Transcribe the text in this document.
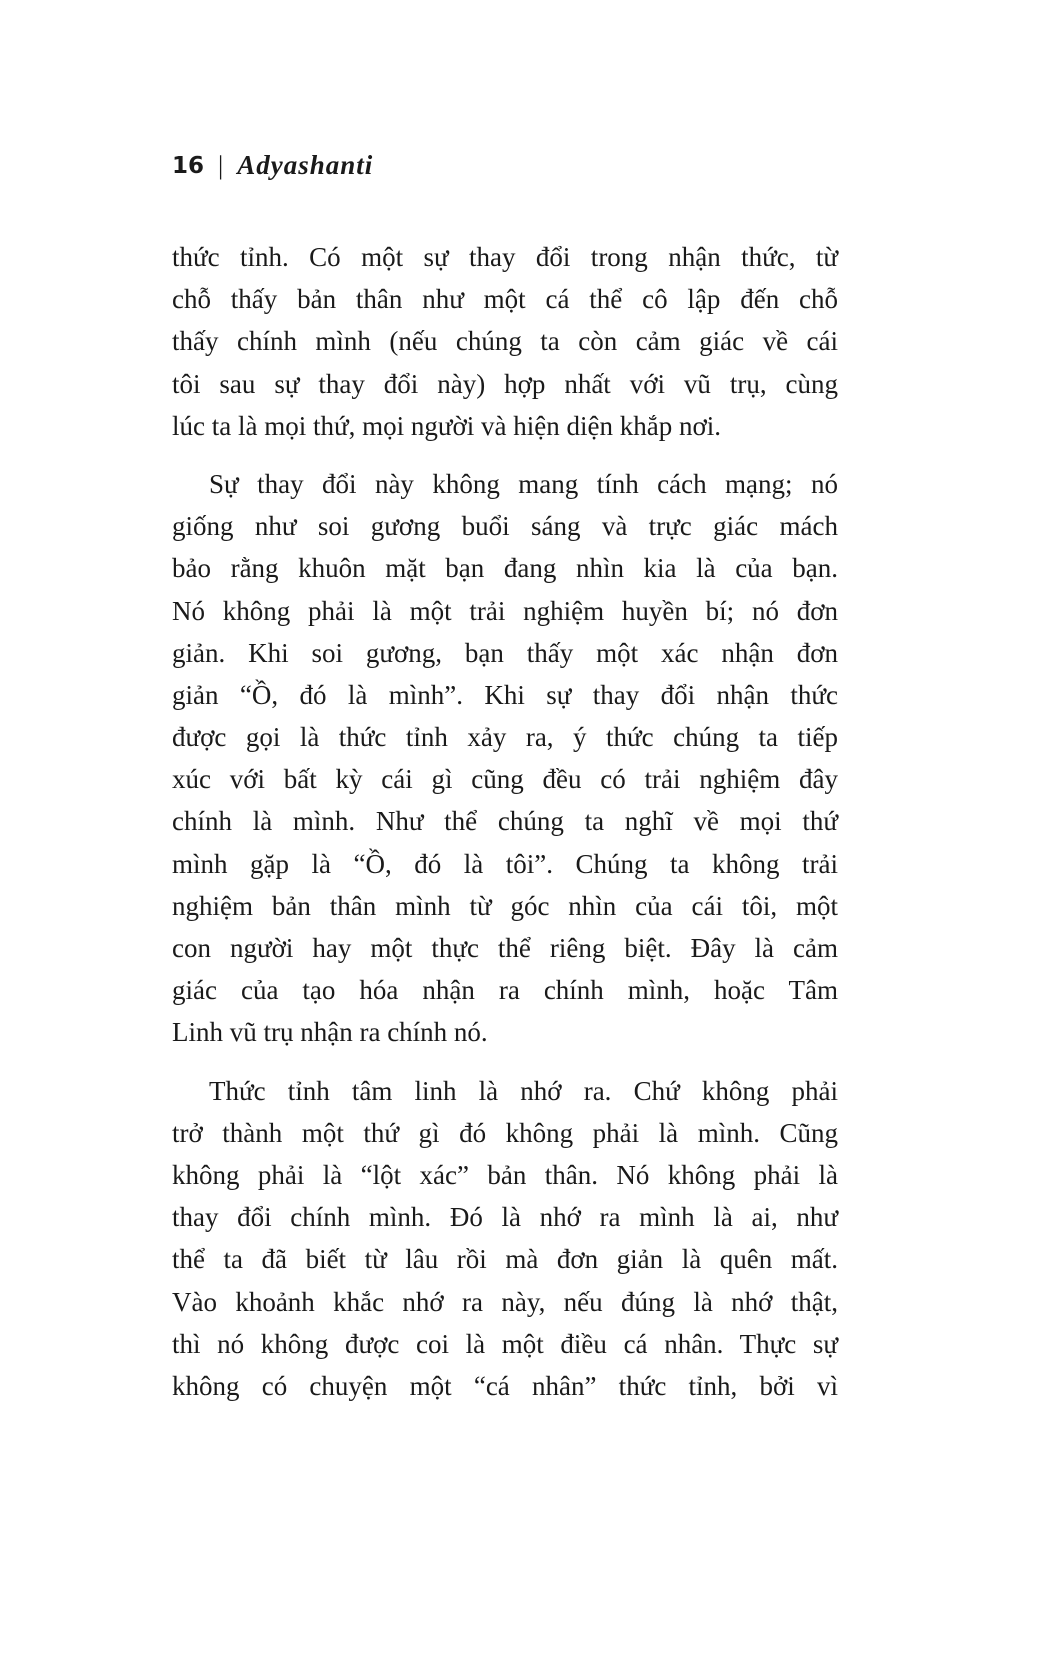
16 | Adyashanti
thức tỉnh. Có một sự thay đổi trong nhận thức, từ
chỗ thấy bản thân như một cá thể cô lập đến chỗ
thấy chính mình (nếu chúng ta còn cảm giác về cái
tôi sau sự thay đổi này) hợp nhất với vũ trụ, cùng
lúc ta là mọi thứ, mọi người và hiện diện khắp nơi.
Sự thay đổi này không mang tính cách mạng; nó
giống như soi gương buổi sáng và trực giác mách
bảo rằng khuôn mặt bạn đang nhìn kia là của bạn.
Nó không phải là một trải nghiệm huyền bí; nó đơn
giản. Khi soi gương, bạn thấy một xác nhận đơn
giản “Ồ, đó là mình”. Khi sự thay đổi nhận thức
được gọi là thức tỉnh xảy ra, ý thức chúng ta tiếp
xúc với bất kỳ cái gì cũng đều có trải nghiệm đây
chính là mình. Như thể chúng ta nghĩ về mọi thứ
mình gặp là “Ồ, đó là tôi”. Chúng ta không trải
nghiệm bản thân mình từ góc nhìn của cái tôi, một
con người hay một thực thể riêng biệt. Đây là cảm
giác của tạo hóa nhận ra chính mình, hoặc Tâm
Linh vũ trụ nhận ra chính nó.
Thức tỉnh tâm linh là nhớ ra. Chứ không phải
trở thành một thứ gì đó không phải là mình. Cũng
không phải là “lột xác” bản thân. Nó không phải là
thay đổi chính mình. Đó là nhớ ra mình là ai, như
thể ta đã biết từ lâu rồi mà đơn giản là quên mất.
Vào khoảnh khắc nhớ ra này, nếu đúng là nhớ thật,
thì nó không được coi là một điều cá nhân. Thực sự
không có chuyện một “cá nhân” thức tỉnh, bởi vì
